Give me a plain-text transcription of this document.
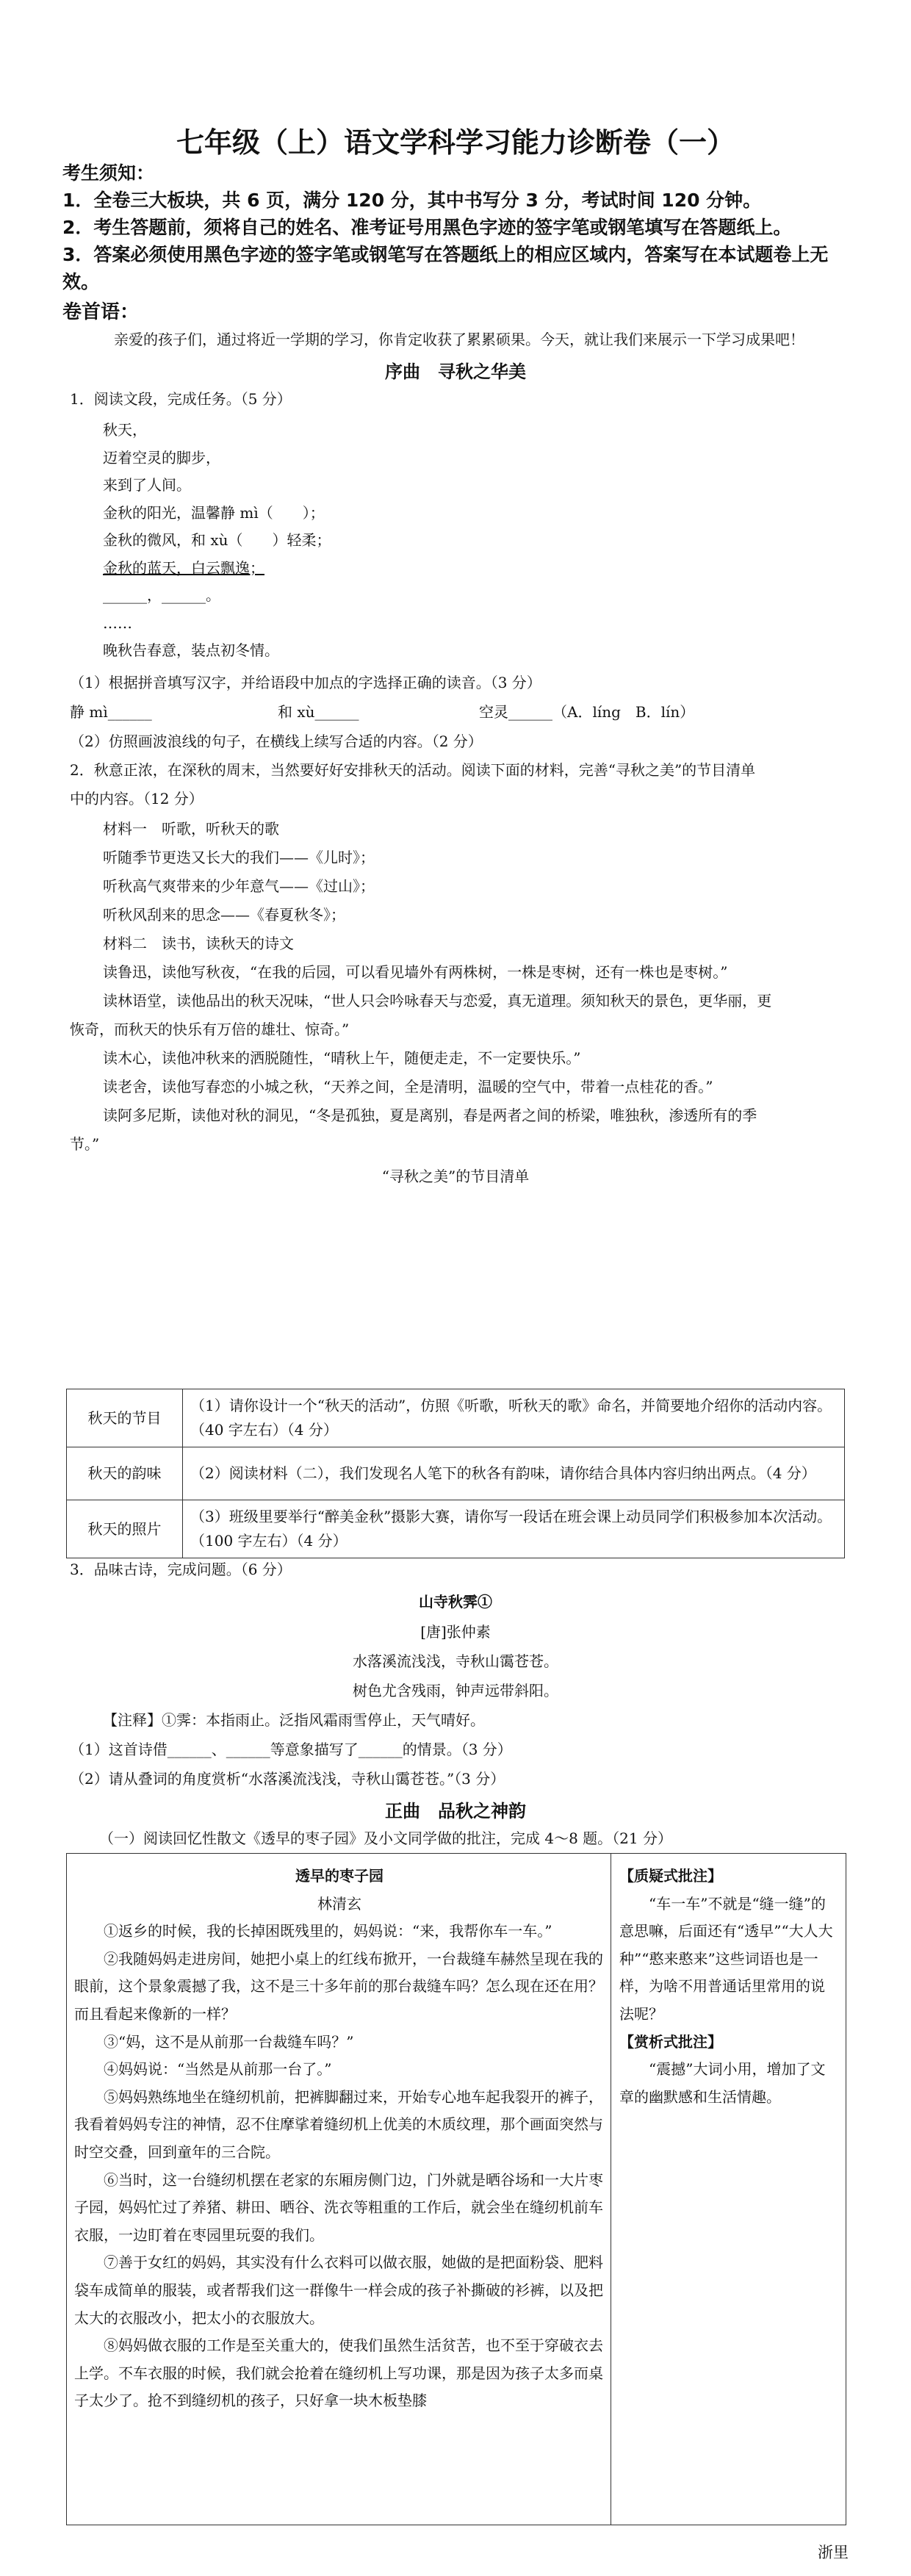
七年级（上）语文学科学习能力诊断卷（一）
考生须知：
1．全卷三大板块，共 6 页，满分 120 分，其中书写分 3 分，考试时间 120 分钟。
2．考生答题前，须将自己的姓名、准考证号用黑色字迹的签字笔或钢笔填写在答题纸上。
3．答案必须使用黑色字迹的签字笔或钢笔写在答题纸上的相应区域内，答案写在本试题卷上无
效。
卷首语：
亲爱的孩子们，通过将近一学期的学习，你肯定收获了累累硕果。今天，就让我们来展示一下学习成果吧！
序曲　寻秋之华美
1．阅读文段，完成任务。（5 分）
秋天，
迈着空灵的脚步，
来到了人间。
金秋的阳光，温馨静 mì（　　）；
金秋的微风，和 xù（　　）轻柔；
金秋的蓝天，白云飘逸；
______，______。
……
晚秋告春意，装点初冬情。
（1）根据拼音填写汉字，并给语段中加点的字选择正确的读音。（3 分）
静 mì______	和 xù______	空灵______（A．líng　B．lín）
（2）仿照画波浪线的句子，在横线上续写合适的内容。（2 分）
2．秋意正浓，在深秋的周末，当然要好好安排秋天的活动。阅读下面的材料，完善“寻秋之美”的节目清单
中的内容。（12 分）
材料一　听歌，听秋天的歌
听随季节更迭又长大的我们——《儿时》；
听秋高气爽带来的少年意气——《过山》；
听秋风刮来的思念——《春夏秋冬》；
材料二　读书，读秋天的诗文
读鲁迅，读他写秋夜，“在我的后园，可以看见墙外有两株树，一株是枣树，还有一株也是枣树。”
读林语堂，读他品出的秋天况味，“世人只会吟咏春天与恋爱，真无道理。须知秋天的景色，更华丽，更
恢奇，而秋天的快乐有万倍的雄壮、惊奇。”
读木心，读他冲秋来的洒脱随性，“晴秋上午，随便走走，不一定要快乐。”
读老舍，读他写春恋的小城之秋，“天养之间，全是清明，温暖的空气中，带着一点桂花的香。”
读阿多尼斯，读他对秋的洞见，“冬是孤独，夏是离别，春是两者之间的桥梁，唯独秋，渗透所有的季
节。”
“寻秋之美”的节目清单
秋天的节目	（1）请你设计一个“秋天的活动”，仿照《听歌，听秋天的歌》命名，并简要地介绍你的活动内容。（40 字左右）（4 分）
秋天的韵味	（2）阅读材料（二），我们发现名人笔下的秋各有韵味，请你结合具体内容归纳出两点。（4 分）
秋天的照片	（3）班级里要举行“醉美金秋”摄影大赛，请你写一段话在班会课上动员同学们积极参加本次活动。（100 字左右）（4 分）
3．品味古诗，完成问题。（6 分）
山寺秋霁①
[唐]张仲素
水落溪流浅浅，寺秋山霭苍苍。
树色尤含残雨，钟声远带斜阳。
【注释】①霁：本指雨止。泛指风霜雨雪停止，天气晴好。
（1）这首诗借______、______等意象描写了______的情景。（3 分）
（2）请从叠词的角度赏析“水落溪流浅浅，寺秋山霭苍苍。”（3 分）
正曲　品秋之神韵
（一）阅读回忆性散文《透早的枣子园》及小文同学做的批注，完成 4～8 题。（21 分）
透早的枣子园
林清玄
①返乡的时候，我的长掉困既残里的，妈妈说：“来，我帮你车一车。”
②我随妈妈走进房间，她把小桌上的红线布掀开，一台裁缝车赫然呈现在我的眼前，这个景象震撼了我，这不是三十多年前的那台裁缝车吗？怎么现在还在用？而且看起来像新的一样？
③“妈，这不是从前那一台裁缝车吗？”
④妈妈说：“当然是从前那一台了。”
⑤妈妈熟练地坐在缝纫机前，把裤脚翻过来，开始专心地车起我裂开的裤子，我看着妈妈专注的神情，忍不住摩挲着缝纫机上优美的木质纹理，那个画面突然与时空交叠，回到童年的三合院。
⑥当时，这一台缝纫机摆在老家的东厢房侧门边，门外就是晒谷场和一大片枣子园，妈妈忙过了养猪、耕田、晒谷、洗衣等粗重的工作后，就会坐在缝纫机前车衣服，一边盯着在枣园里玩耍的我们。
⑦善于女红的妈妈，其实没有什么衣料可以做衣服，她做的是把面粉袋、肥料袋车成简单的服装，或者帮我们这一群像牛一样会成的孩子补撕破的衫裤，以及把太大的衣服改小，把太小的衣服放大。
⑧妈妈做衣服的工作是至关重大的，使我们虽然生活贫苦，也不至于穿破衣去上学。不车衣服的时候，我们就会抢着在缝纫机上写功课，那是因为孩子太多而桌子太少了。抢不到缝纫机的孩子，只好拿一块木板垫膝
【质疑式批注】
“车一车”不就是“缝一缝”的意思嘛，后面还有“透早”“大人大种”“憨来憨来”这些词语也是一样，为啥不用普通话里常用的说法呢？
【赏析式批注】
“震撼”大词小用，增加了文章的幽默感和生活情趣。
浙里
